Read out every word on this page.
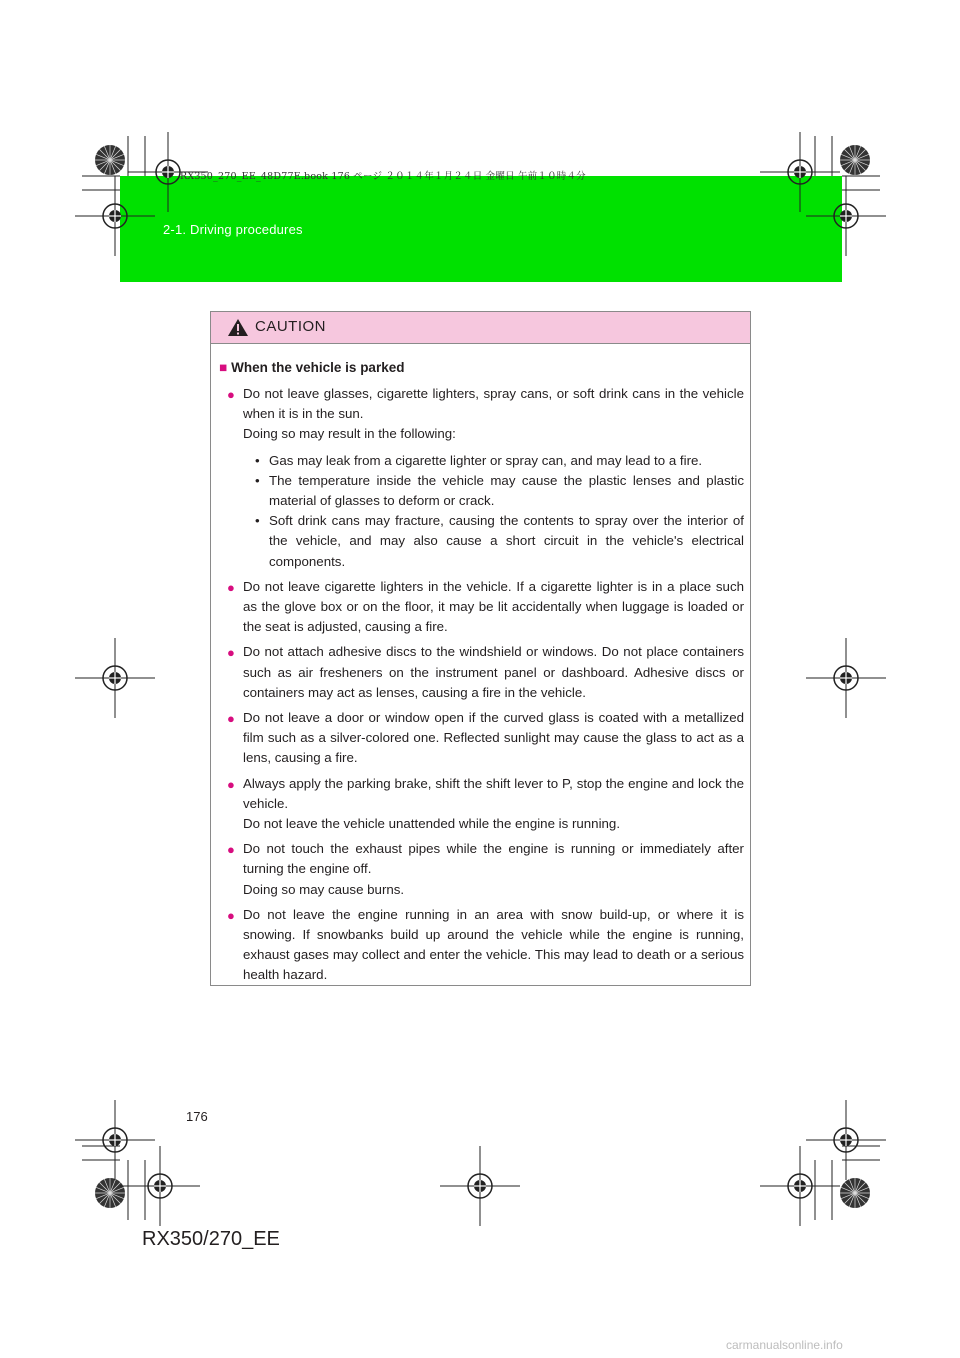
2-1. Driving procedures
RX350_270_EE_48D77E.book 176 ページ ２０１４年１月２４日 金曜日 午前１０時４分
CAUTION
■ When the vehicle is parked
● Do not leave glasses, cigarette lighters, spray cans, or soft drink cans in the vehicle when it is in the sun.

Doing so may result in the following:

• Gas may leak from a cigarette lighter or spray can, and may lead to a fire.
• The temperature inside the vehicle may cause the plastic lenses and plastic material of glasses to deform or crack.
• Soft drink cans may fracture, causing the contents to spray over the interior of the vehicle, and may also cause a short circuit in the vehicle's electrical components.
● Do not leave cigarette lighters in the vehicle. If a cigarette lighter is in a place such as the glove box or on the floor, it may be lit accidentally when luggage is loaded or the seat is adjusted, causing a fire.

● Do not attach adhesive discs to the windshield or windows. Do not place containers such as air fresheners on the instrument panel or dashboard. Adhesive discs or containers may act as lenses, causing a fire in the vehicle.

● Do not leave a door or window open if the curved glass is coated with a metallized film such as a silver-colored one. Reflected sunlight may cause the glass to act as a lens, causing a fire.

● Always apply the parking brake, shift the shift lever to P, stop the engine and lock the vehicle.

Do not leave the vehicle unattended while the engine is running.

● Do not touch the exhaust pipes while the engine is running or immediately after turning the engine off.

Doing so may cause burns.

● Do not leave the engine running in an area with snow build-up, or where it is snowing. If snowbanks build up around the vehicle while the engine is running, exhaust gases may collect and enter the vehicle. This may lead to death or a serious health hazard.

176
RX350/270_EE
carmanualsonline.info
